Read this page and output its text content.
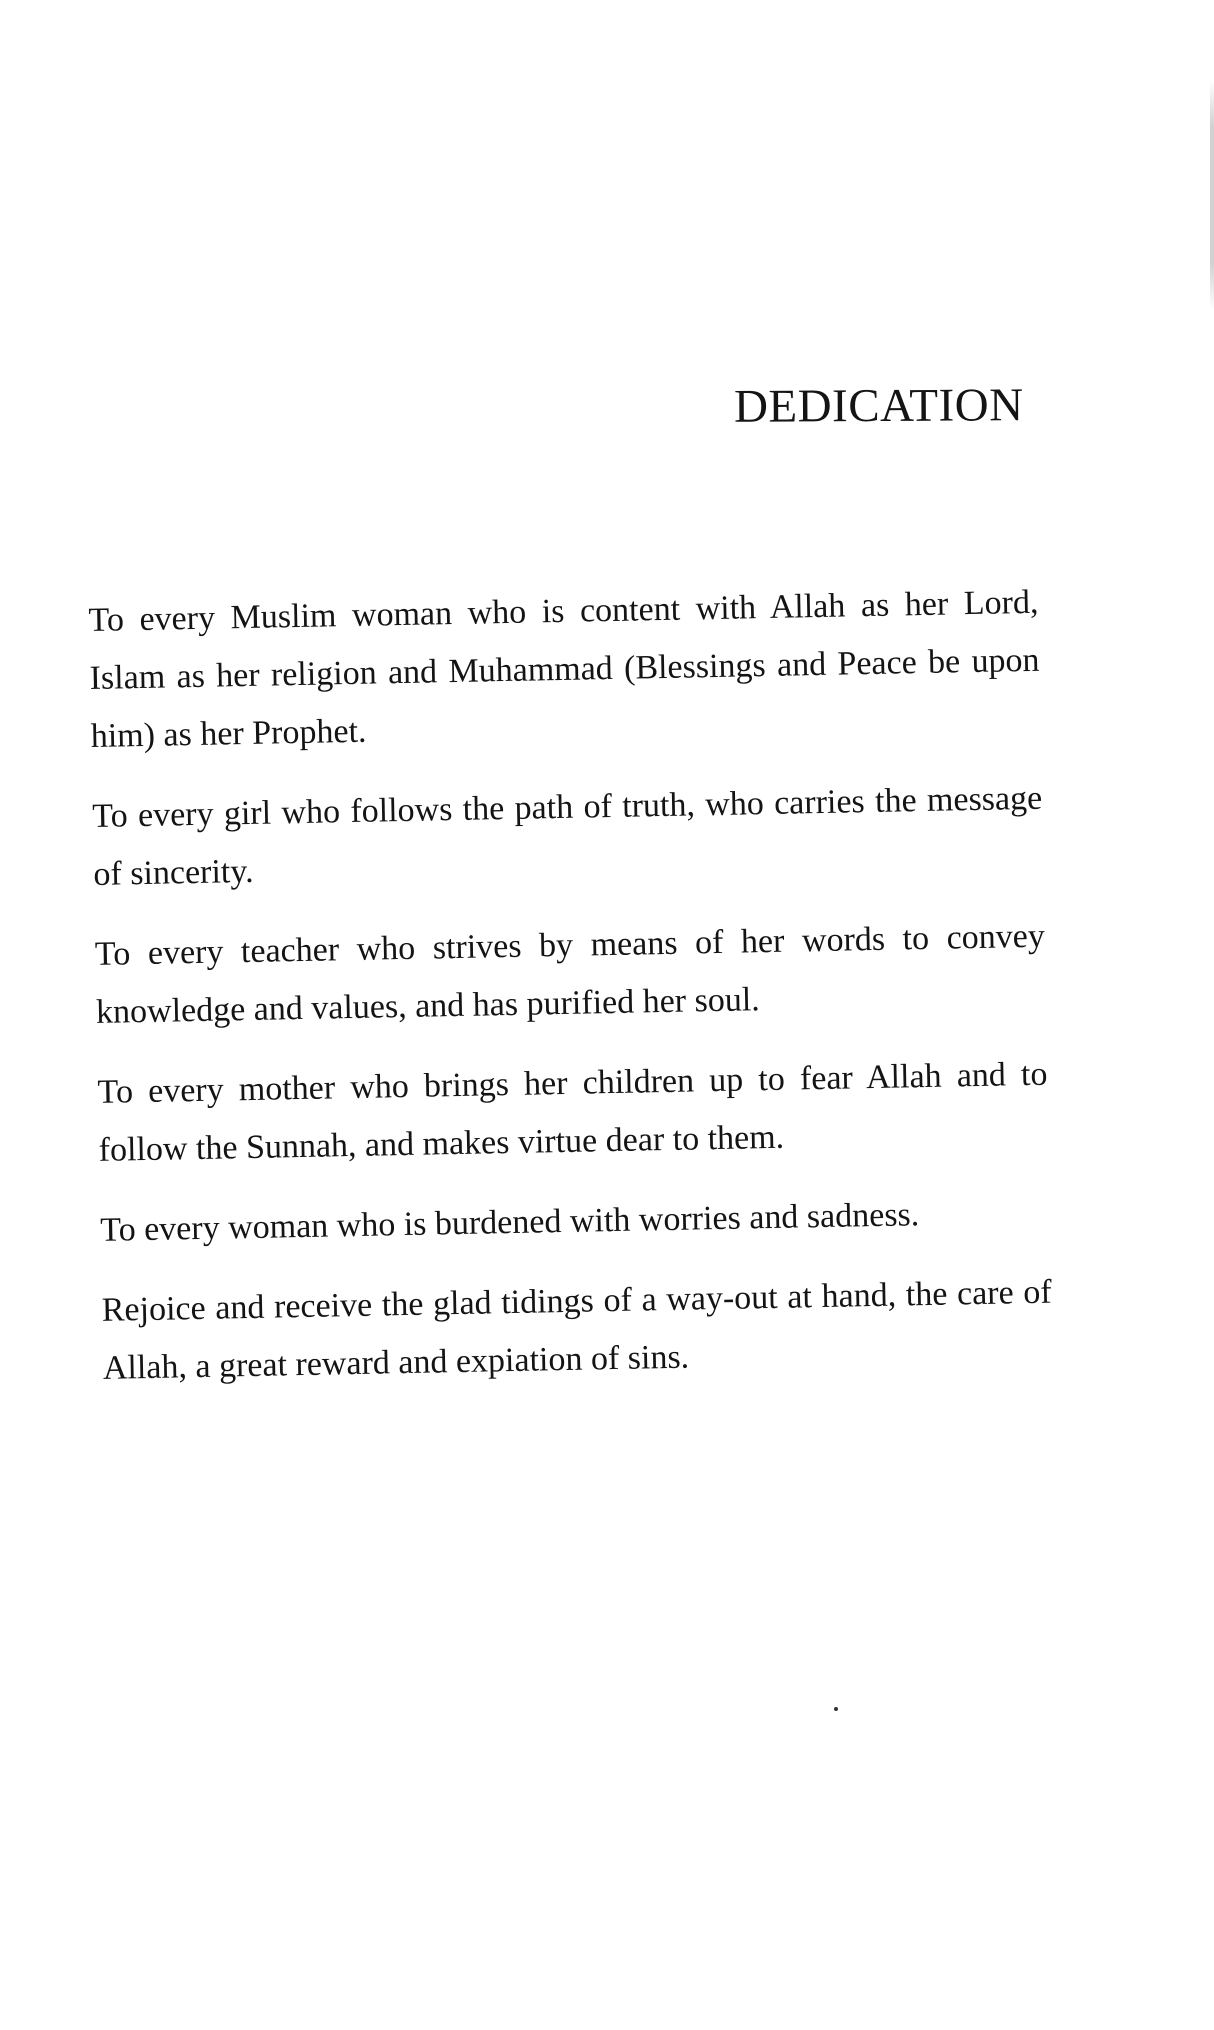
DEDICATION

To every Muslim woman who is content with Allah as her Lord, Islam as her religion and Muhammad (Blessings and Peace be upon him) as her Prophet.

To every girl who follows the path of truth, who carries the message of sincerity.

To every teacher who strives by means of her words to convey knowledge and values, and has purified her soul.

To every mother who brings her children up to fear Allah and to follow the Sunnah, and makes virtue dear to them.

To every woman who is burdened with worries and sadness.

Rejoice and receive the glad tidings of a way-out at hand, the care of Allah, a great reward and expiation of sins.
